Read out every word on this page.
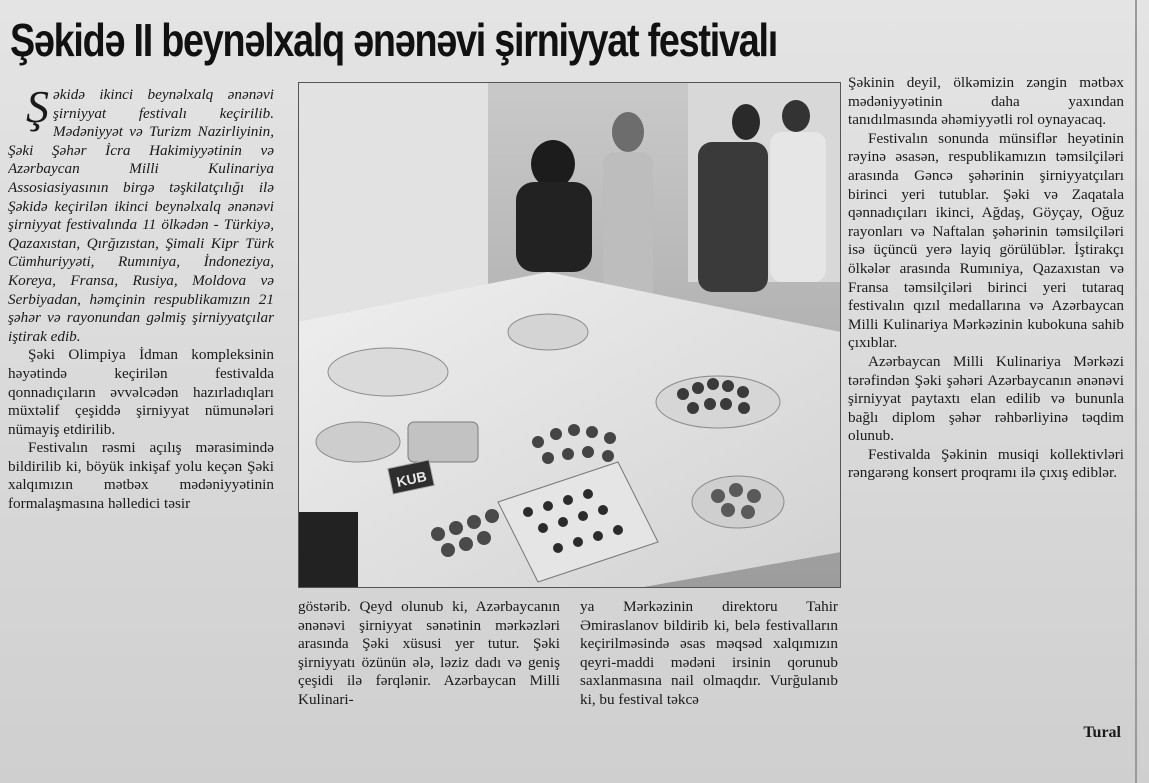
Şəkidə II beynəlxalq ənənəvi şirniyyat festivalı

Şəkidə ikinci beynəlxalq ənənəvi şirniyyat festivalı keçirilib. Mədəniyyət və Turizm Nazirliyinin, Şəki Şəhər İcra Hakimiyyətinin və Azərbaycan Milli Kulinariya Assosiasiyasının birgə təşkilatçılığı ilə Şəkidə keçirilən ikinci beynəlxalq ənənəvi şirniyyat festivalında 11 ölkədən - Türkiyə, Qazaxıstan, Qırğızıstan, Şimali Kipr Türk Cümhuriyyəti, Rumıniya, İndoneziya, Koreya, Fransa, Rusiya, Moldova və Serbiyadan, həmçinin respublikamızın 21 şəhər və rayonundan gəlmiş şirniyyatçılar iştirak edib.

Şəki Olimpiya İdman kompleksinin həyətində keçirilən festivalda qonnadıçıların əvvəlcədən hazırladıqları müxtəlif çeşiddə şirniyyat nümunələri nümayiş etdirilib.

Festivalın rəsmi açılış mərasimində bildirilib ki, böyük inkişaf yolu keçən Şəki xalqımızın mətbəx mədəniyyətinin formalaşmasına həlledici təsir

KUB
göstərib. Qeyd olunub ki, Azərbaycanın ənənəvi şirniyyat sənətinin mərkəzləri arasında Şəki xüsusi yer tutur. Şəki şirniyyatı özünün ələ, ləziz dadı və geniş çeşidi ilə fərqlənir. Azərbaycan Milli Kulinari-
ya Mərkəzinin direktoru Tahir Əmiraslanov bildirib ki, belə festivalların keçirilməsində əsas məqsəd xalqımızın qeyri-maddi mədəni irsinin qorunub saxlanmasına nail olmaqdır. Vurğulanıb ki, bu festival təkcə

Şəkinin deyil, ölkəmizin zəngin mətbəx mədəniyyətinin daha yaxından tanıdılmasında əhəmiyyətli rol oynayacaq.

Festivalın sonunda münsiflər heyətinin rəyinə əsasən, respublikamızın təmsilçiləri arasında Gəncə şəhərinin şirniyyatçıları birinci yeri tutublar. Şəki və Zaqatala qənnadıçıları ikinci, Ağdaş, Göyçay, Oğuz rayonları və Naftalan şəhərinin təmsilçiləri isə üçüncü yerə layiq görülüblər. İştirakçı ölkələr arasında Rumıniya, Qazaxıstan və Fransa təmsilçiləri birinci yeri tutaraq festivalın qızıl medallarına və Azərbaycan Milli Kulinariya Mərkəzinin kubokuna sahib çıxıblar.

Azərbaycan Milli Kulinariya Mərkəzi tərəfindən Şəki şəhəri Azərbaycanın ənənəvi şirniyyat paytaxtı elan edilib və bununla bağlı diplom şəhər rəhbərliyinə təqdim olunub.

Festivalda Şəkinin musiqi kollektivləri rəngarəng konsert proqramı ilə çıxış ediblər.

Tural
